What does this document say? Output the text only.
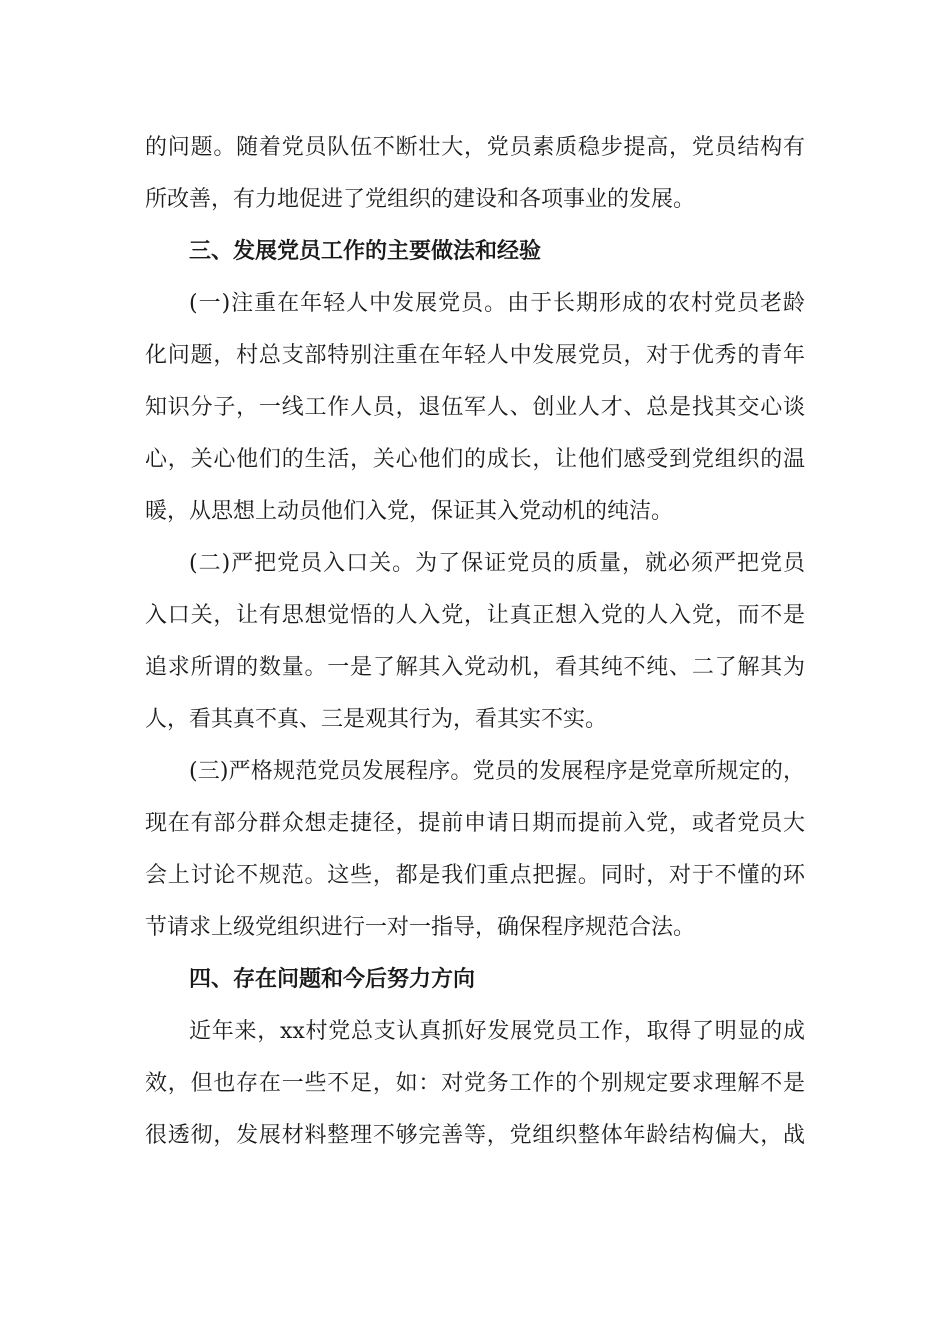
的问题。随着党员队伍不断壮大，党员素质稳步提高，党员结构有
所改善，有力地促进了党组织的建设和各项事业的发展。
三、发展党员工作的主要做法和经验
(一)注重在年轻人中发展党员。由于长期形成的农村党员老龄
化问题，村总支部特别注重在年轻人中发展党员，对于优秀的青年
知识分子，一线工作人员，退伍军人、创业人才、总是找其交心谈
心，关心他们的生活，关心他们的成长，让他们感受到党组织的温
暖，从思想上动员他们入党，保证其入党动机的纯洁。
(二)严把党员入口关。为了保证党员的质量，就必须严把党员
入口关，让有思想觉悟的人入党，让真正想入党的人入党，而不是
追求所谓的数量。一是了解其入党动机，看其纯不纯、二了解其为
人，看其真不真、三是观其行为，看其实不实。
(三)严格规范党员发展程序。党员的发展程序是党章所规定的，
现在有部分群众想走捷径，提前申请日期而提前入党，或者党员大
会上讨论不规范。这些，都是我们重点把握。同时，对于不懂的环
节请求上级党组织进行一对一指导，确保程序规范合法。
四、存在问题和今后努力方向
近年来，xx村党总支认真抓好发展党员工作，取得了明显的成
效，但也存在一些不足，如：对党务工作的个别规定要求理解不是
很透彻，发展材料整理不够完善等，党组织整体年龄结构偏大，战
